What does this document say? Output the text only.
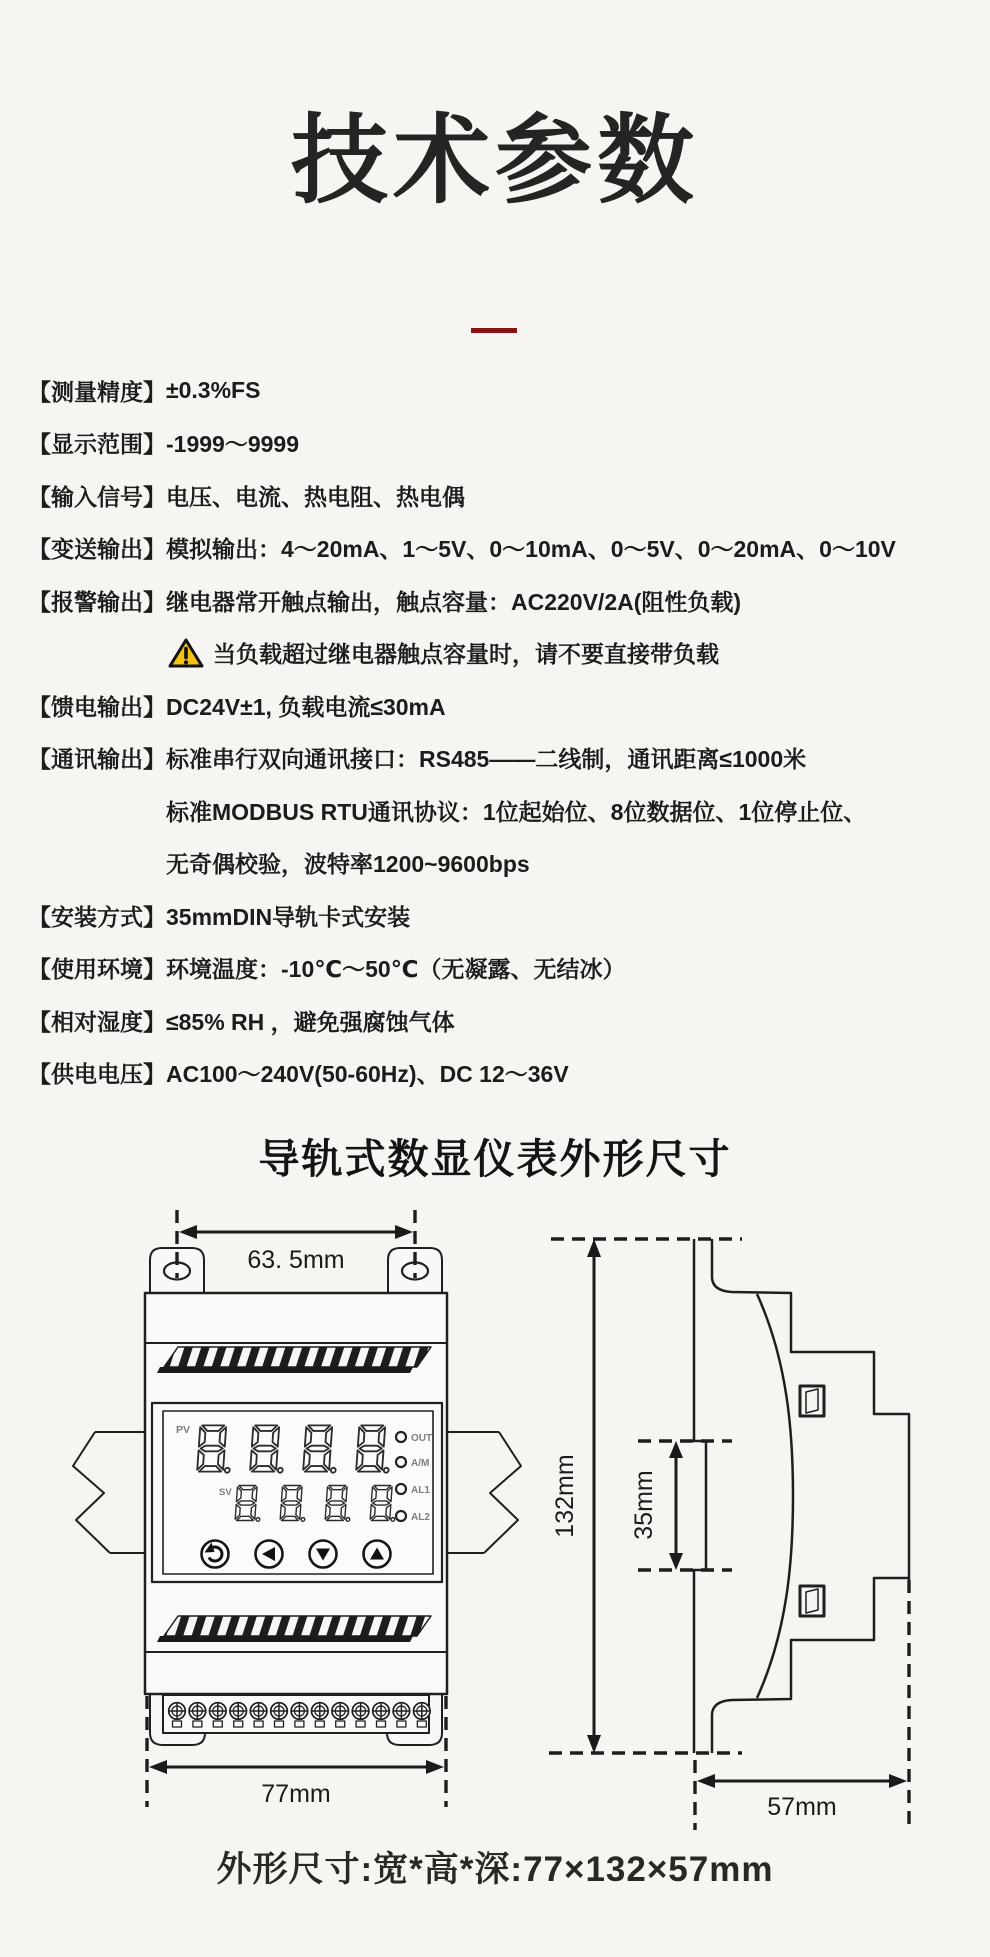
技术参数
【测量精度】 ±0.3%FS
【显示范围】 -1999～9999
【输入信号】 电压、电流、热电阻、热电偶
【变送输出】 模拟输出：4～20mA、1～5V、0～10mA、0～5V、0～20mA、0～10V
【报警输出】 继电器常开触点输出，触点容量：AC220V/2A(阻性负载)
当负载超过继电器触点容量时，请不要直接带负载
【馈电输出】 DC24V±1, 负载电流≤30mA
【通讯输出】 标准串行双向通讯接口：RS485——二线制，通讯距离≤1000米
标准MODBUS RTU通讯协议：1位起始位、8位数据位、1位停止位、
无奇偶校验，波特率1200~9600bps
【安装方式】 35mmDIN导轨卡式安装
【使用环境】 环境温度：-10℃～50℃（无凝露、无结冰）
【相对湿度】 ≤85% RH ，避免强腐蚀气体
【供电电压】 AC100～240V(50-60Hz)、DC 12～36V
导轨式数显仪表外形尺寸
PV
SV
OUT
A/M
AL1
AL2
63. 5mm
77mm
132mm 35mm
57mm
外形尺寸:宽*高*深:77×132×57mm
